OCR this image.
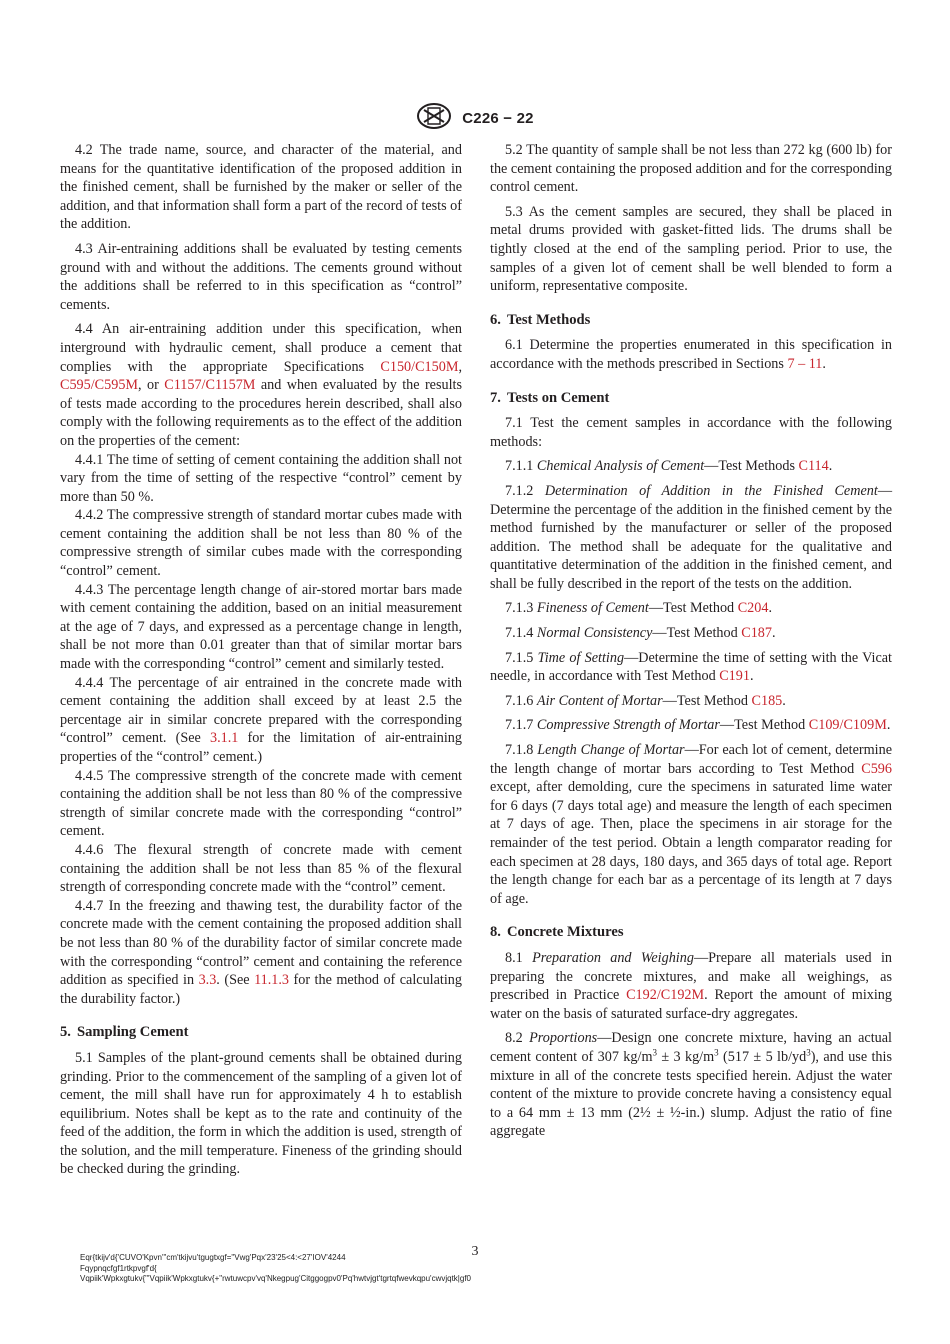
C226 − 22

4.2 The trade name, source, and character of the material, and means for the quantitative identification of the proposed addition in the finished cement, shall be furnished by the maker or seller of the addition, and that information shall form a part of the record of tests of the addition.

4.3 Air-entraining additions shall be evaluated by testing cements ground with and without the additions. The cements ground without the additions shall be referred to in this specification as “control” cements.

4.4 An air-entraining addition under this specification, when interground with hydraulic cement, shall produce a cement that complies with the appropriate Specifications C150/C150M, C595/C595M, or C1157/C1157M and when evaluated by the results of tests made according to the procedures herein described, shall also comply with the following requirements as to the effect of the addition on the properties of the cement:

4.4.1 The time of setting of cement containing the addition shall not vary from the time of setting of the respective “control” cement by more than 50 %.

4.4.2 The compressive strength of standard mortar cubes made with cement containing the addition shall be not less than 80 % of the compressive strength of similar cubes made with the corresponding “control” cement.

4.4.3 The percentage length change of air-stored mortar bars made with cement containing the addition, based on an initial measurement at the age of 7 days, and expressed as a percentage change in length, shall be not more than 0.01 greater than that of similar mortar bars made with the corresponding “control” cement and similarly tested.

4.4.4 The percentage of air entrained in the concrete made with cement containing the addition shall exceed by at least 2.5 the percentage air in similar concrete prepared with the corresponding “control” cement. (See 3.1.1 for the limitation of air-entraining properties of the “control” cement.)

4.4.5 The compressive strength of the concrete made with cement containing the addition shall be not less than 80 % of the compressive strength of similar concrete made with the corresponding “control” cement.

4.4.6 The flexural strength of concrete made with cement containing the addition shall be not less than 85 % of the flexural strength of corresponding concrete made with the “control” cement.

4.4.7 In the freezing and thawing test, the durability factor of the concrete made with the cement containing the proposed addition shall be not less than 80 % of the durability factor of similar concrete made with the corresponding “control” cement and containing the reference addition as specified in 3.3. (See 11.1.3 for the method of calculating the durability factor.)

5. Sampling Cement

5.1 Samples of the plant-ground cements shall be obtained during grinding. Prior to the commencement of the sampling of a given lot of cement, the mill shall have run for approximately 4 h to establish equilibrium. Notes shall be kept as to the rate and continuity of the feed of the addition, the form in which the addition is used, strength of the solution, and the mill temperature. Fineness of the grinding should be checked during the grinding.

5.2 The quantity of sample shall be not less than 272 kg (600 lb) for the cement containing the proposed addition and for the corresponding control cement.

5.3 As the cement samples are secured, they shall be placed in metal drums provided with gasket-fitted lids. The drums shall be tightly closed at the end of the sampling period. Prior to use, the samples of a given lot of cement shall be well blended to form a uniform, representative composite.

6. Test Methods

6.1 Determine the properties enumerated in this specification in accordance with the methods prescribed in Sections 7 – 11.

7. Tests on Cement

7.1 Test the cement samples in accordance with the following methods:

7.1.1 Chemical Analysis of Cement—Test Methods C114.

7.1.2 Determination of Addition in the Finished Cement—Determine the percentage of the addition in the finished cement by the method furnished by the manufacturer or seller of the proposed addition. The method shall be adequate for the qualitative and quantitative determination of the addition in the finished cement, and shall be fully described in the report of the tests on the addition.

7.1.3 Fineness of Cement—Test Method C204.

7.1.4 Normal Consistency—Test Method C187.

7.1.5 Time of Setting—Determine the time of setting with the Vicat needle, in accordance with Test Method C191.

7.1.6 Air Content of Mortar—Test Method C185.

7.1.7 Compressive Strength of Mortar—Test Method C109/C109M.

7.1.8 Length Change of Mortar—For each lot of cement, determine the length change of mortar bars according to Test Method C596 except, after demolding, cure the specimens in saturated lime water for 6 days (7 days total age) and measure the length of each specimen at 7 days of age. Then, place the specimens in air storage for the remainder of the test period. Obtain a length comparator reading for each specimen at 28 days, 180 days, and 365 days of total age. Report the length change for each bar as a percentage of its length at 7 days of age.

8. Concrete Mixtures

8.1 Preparation and Weighing—Prepare all materials used in preparing the concrete mixtures, and make all weighings, as prescribed in Practice C192/C192M. Report the amount of mixing water on the basis of saturated surface-dry aggregates.

8.2 Proportions—Design one concrete mixture, having an actual cement content of 307 $kg/m^3 \pm 3$ $kg/m^3$ (517 ± 5 $lb/yd^3$), and use this mixture in all of the concrete tests specified herein. Adjust the water content of the mixture to provide concrete having a consistency equal to a 64 mm ± 13 mm (2½ ± ½-in.) slump. Adjust the ratio of fine aggregate

3
Eqr{tkijv'd{'CUVO'Kpvn'"cm'tkijvu'tgugtxgf="Vwg'Pqx'23'25<4:<27'IOV'4244
Fqypnqcfgf1rtkpvgf'd{
Vqpiik'Wpkxgtukv{"'Vqpiik'Wpkxgtukv{+"rwtuwcpv'vq'Nkegpug'Citggogpv0'Pq'hwtvjgt'tgrtqfwevkqpu'cwvjqtk|gf0
